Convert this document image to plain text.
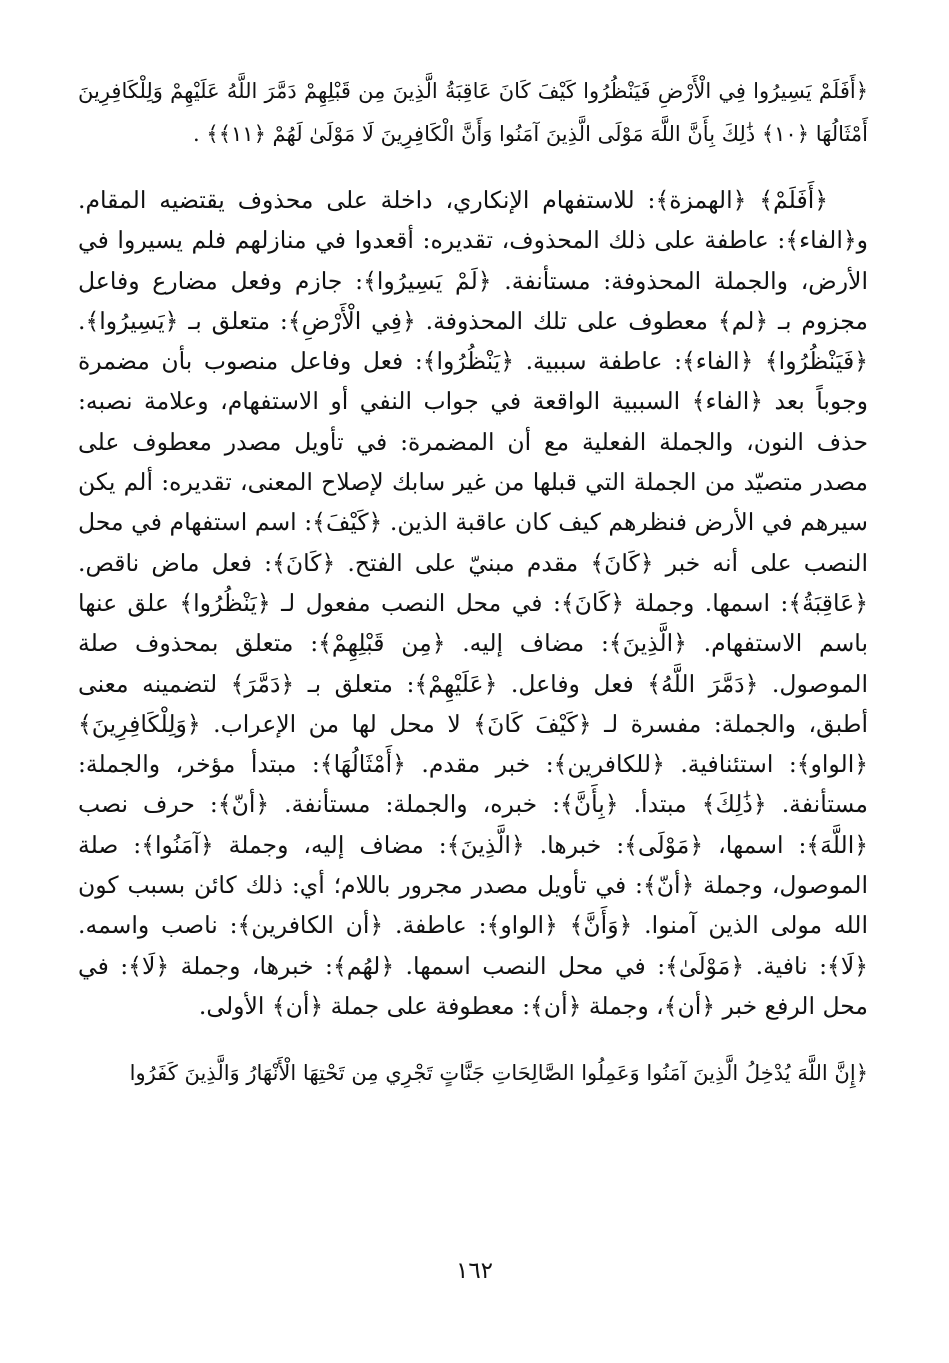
﴿أَفَلَمْ يَسِيرُوا فِي الْأَرْضِ فَيَنْظُرُوا كَيْفَ كَانَ عَاقِبَةُ الَّذِينَ مِن قَبْلِهِمْ دَمَّرَ اللَّهُ عَلَيْهِمْ وَلِلْكَافِرِينَ أَمْثَالُهَا ﴿١٠﴾ ذَٰلِكَ بِأَنَّ اللَّهَ مَوْلَى الَّذِينَ آمَنُوا وَأَنَّ الْكَافِرِينَ لَا مَوْلَىٰ لَهُمْ ﴿١١﴾﴾ .

﴿أَفَلَمْ﴾ ﴿الهمزة﴾: للاستفهام الإنكاري، داخلة على محذوف يقتضيه المقام. و﴿الفاء﴾: عاطفة على ذلك المحذوف، تقديره: أقعدوا في منازلهم فلم يسيروا في الأرض، والجملة المحذوفة: مستأنفة. ﴿لَمْ يَسِيرُوا﴾: جازم وفعل مضارع وفاعل مجزوم بـ ﴿لم﴾ معطوف على تلك المحذوفة. ﴿فِي الْأَرْضِ﴾: متعلق بـ ﴿يَسِيرُوا﴾. ﴿فَيَنْظُرُوا﴾ ﴿الفاء﴾: عاطفة سببية. ﴿يَنْظُرُوا﴾: فعل وفاعل منصوب بأن مضمرة وجوباً بعد ﴿الفاء﴾ السببية الواقعة في جواب النفي أو الاستفهام، وعلامة نصبه: حذف النون، والجملة الفعلية مع أن المضمرة: في تأويل مصدر معطوف على مصدر متصيّد من الجملة التي قبلها من غير سابك لإصلاح المعنى، تقديره: ألم يكن سيرهم في الأرض فنظرهم كيف كان عاقبة الذين. ﴿كَيْفَ﴾: اسم استفهام في محل النصب على أنه خبر ﴿كَانَ﴾ مقدم مبنيّ على الفتح. ﴿كَانَ﴾: فعل ماض ناقص. ﴿عَاقِبَةُ﴾: اسمها. وجملة ﴿كَانَ﴾: في محل النصب مفعول لـ ﴿يَنْظُرُوا﴾ علق عنها باسم الاستفهام. ﴿الَّذِينَ﴾: مضاف إليه. ﴿مِن قَبْلِهِمْ﴾: متعلق بمحذوف صلة الموصول. ﴿دَمَّرَ اللَّهُ﴾ فعل وفاعل. ﴿عَلَيْهِمْ﴾: متعلق بـ ﴿دَمَّرَ﴾ لتضمينه معنى أطبق، والجملة: مفسرة لـ ﴿كَيْفَ كَانَ﴾ لا محل لها من الإعراب. ﴿وَلِلْكَافِرِينَ﴾ ﴿الواو﴾: استئنافية. ﴿للكافرين﴾: خبر مقدم. ﴿أَمْثَالُهَا﴾: مبتدأ مؤخر، والجملة: مستأنفة. ﴿ذَٰلِكَ﴾ مبتدأ. ﴿بِأَنَّ﴾: خبره، والجملة: مستأنفة. ﴿أنّ﴾: حرف نصب ﴿اللَّهَ﴾: اسمها، ﴿مَوْلَى﴾: خبرها. ﴿الَّذِينَ﴾: مضاف إليه، وجملة ﴿آمَنُوا﴾: صلة الموصول، وجملة ﴿أنّ﴾: في تأويل مصدر مجرور باللام؛ أي: ذلك كائن بسبب كون الله مولى الذين آمنوا. ﴿وَأَنَّ﴾ ﴿الواو﴾: عاطفة. ﴿أن الكافرين﴾: ناصب واسمه. ﴿لَا﴾: نافية. ﴿مَوْلَىٰ﴾: في محل النصب اسمها. ﴿لهُم﴾: خبرها، وجملة ﴿لَا﴾: في محل الرفع خبر ﴿أن﴾، وجملة ﴿أن﴾: معطوفة على جملة ﴿أن﴾ الأولى.

﴿إِنَّ اللَّهَ يُدْخِلُ الَّذِينَ آمَنُوا وَعَمِلُوا الصَّالِحَاتِ جَنَّاتٍ تَجْرِي مِن تَحْتِهَا الْأَنْهَارُ وَالَّذِينَ كَفَرُوا

١٦٢
